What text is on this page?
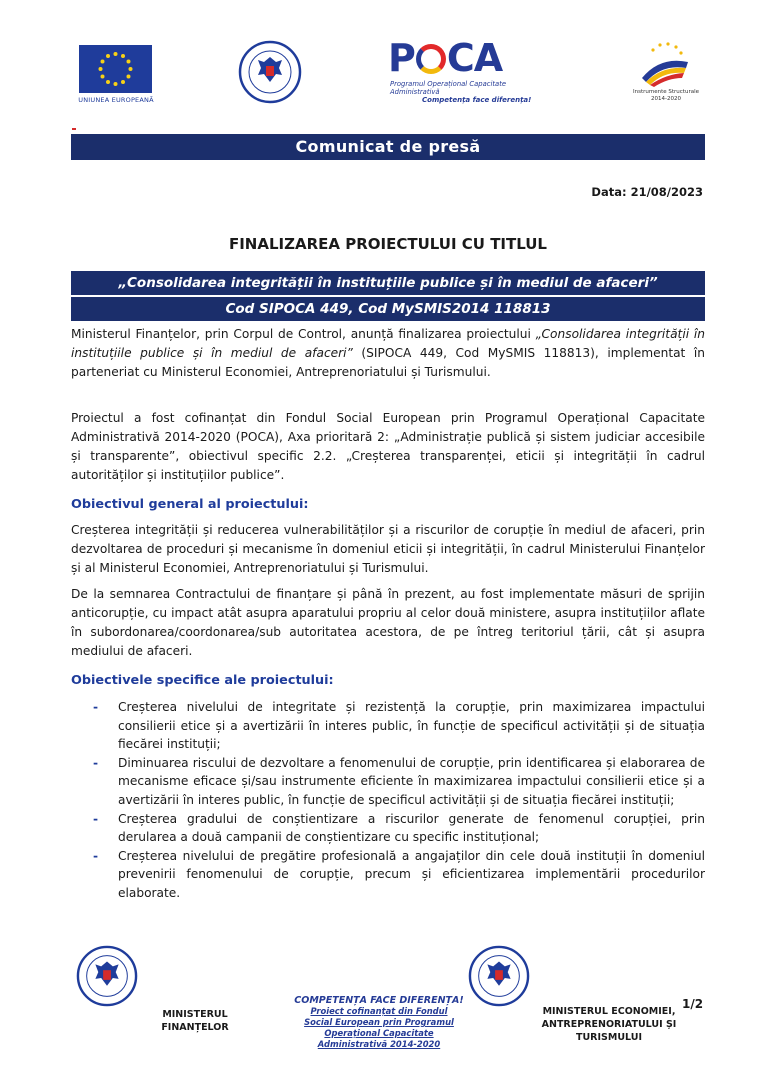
UNIUNEA EUROPEANĂ
P CA
Programul Operațional Capacitate Administrativă
Competența face diferența!
Instrumente Structurale
2014-2020
Comunicat de presă
Data: 21/08/2023
FINALIZAREA PROIECTULUI CU TITLUL
„Consolidarea integrității în instituțiile publice și în mediul de afaceri”
Cod SIPOCA 449, Cod MySMIS2014 118813
Ministerul Finanțelor, prin Corpul de Control, anunță finalizarea proiectului „Consolidarea integrității în instituțiile publice și în mediul de afaceri” (SIPOCA 449, Cod MySMIS 118813), implementat în parteneriat cu Ministerul Economiei, Antreprenoriatului și Turismului.
Proiectul a fost cofinanțat din Fondul Social European prin Programul Operațional Capacitate Administrativă 2014-2020 (POCA), Axa prioritară 2: „Administrație publică și sistem judiciar accesibile și transparente”, obiectivul specific 2.2. „Creșterea transparenței, eticii și integrității în cadrul autorităților și instituțiilor publice”.
Obiectivul general al proiectului:
Creșterea integrității și reducerea vulnerabilităților și a riscurilor de corupție în mediul de afaceri, prin dezvoltarea de proceduri și mecanisme în domeniul eticii și integrității, în cadrul Ministerului Finanțelor și al Ministerul Economiei, Antreprenoriatului și Turismului.
De la semnarea Contractului de finanțare și până în prezent, au fost implementate măsuri de sprijin anticorupție, cu impact atât asupra aparatului propriu al celor două ministere, asupra instituțiilor aflate în subordonarea/coordonarea/sub autoritatea acestora, de pe întreg teritoriul țării, cât și asupra mediului de afaceri.
Obiectivele specifice ale proiectului:
- Creșterea nivelului de integritate și rezistență la corupție, prin maximizarea impactului consilierii etice și a avertizării în interes public, în funcție de specificul activității și de situația fiecărei instituții;
- Diminuarea riscului de dezvoltare a fenomenului de corupție, prin identificarea și elaborarea de mecanisme eficace și/sau instrumente eficiente în maximizarea impactului consilierii etice și a avertizării în interes public, în funcție de specificul activității și de situația fiecărei instituții;
- Creșterea gradului de conștientizare a riscurilor generate de fenomenul corupției, prin derularea a două campanii de conștientizare cu specific instituțional;
- Creșterea nivelului de pregătire profesională a angajaților din cele două instituții în domeniul prevenirii fenomenului de corupție, precum și eficientizarea implementării procedurilor elaborate.
MINISTERUL
FINANȚELOR
COMPETENȚA FACE DIFERENȚA!
Proiect cofinanțat din Fondul
Social European prin Programul
Operațional Capacitate
Administrativă 2014-2020
1/2
MINISTERUL ECONOMIEI,
ANTREPRENORIATULUI ȘI
TURISMULUI
